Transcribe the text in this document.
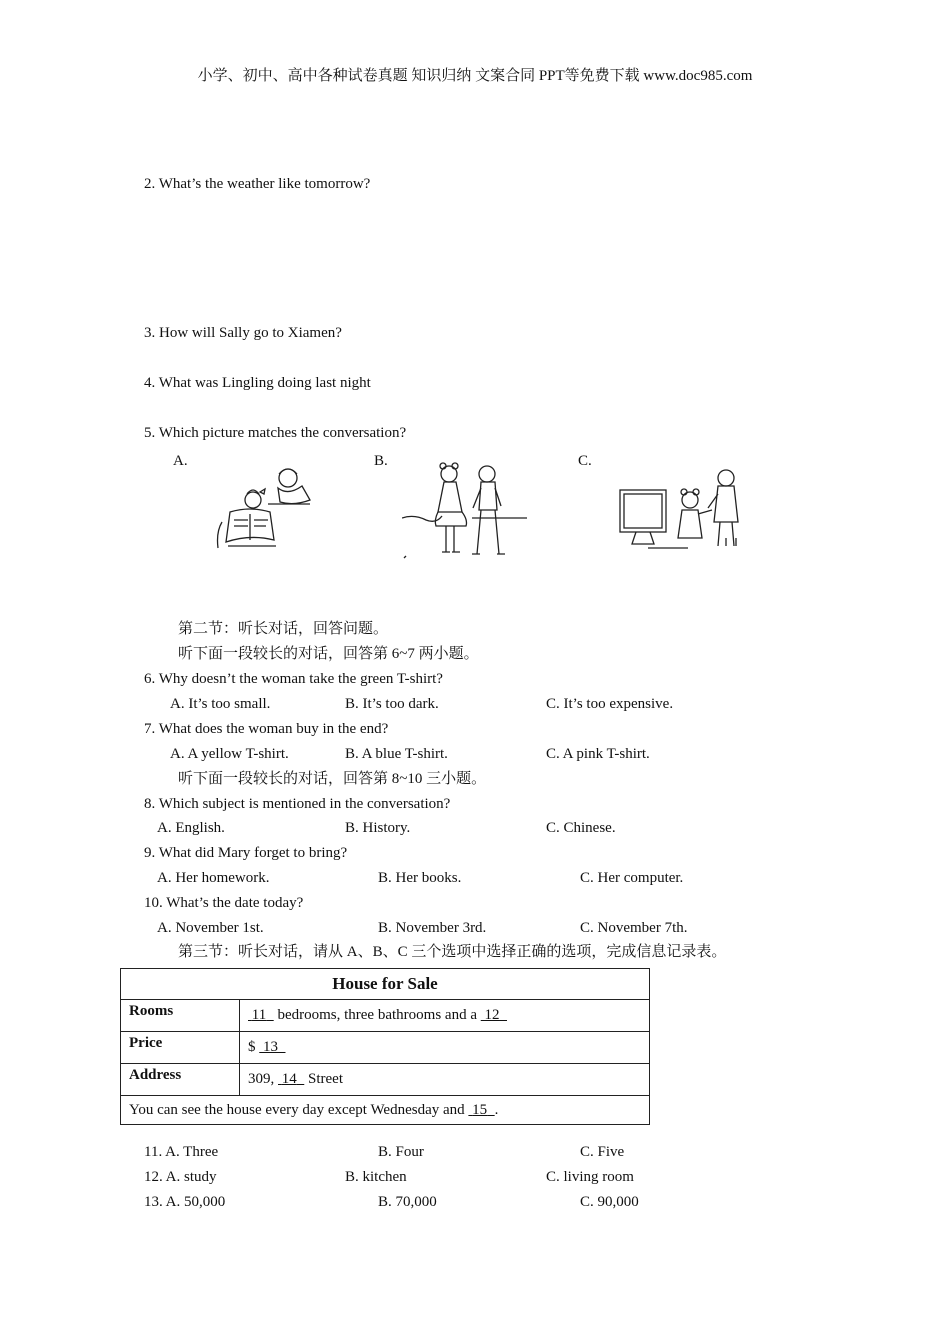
小学、初中、高中各种试卷真题 知识归纳 文案合同 PPT等免费下载 www.doc985.com
2. What’s the weather like tomorrow?
3. How will Sally go to Xiamen?
4. What was Lingling doing last night
5. Which picture matches the conversation?
A.	B.	C.
第二节：听长对话，回答问题。
听下面一段较长的对话，回答第 6~7 两小题。
6. Why doesn’t the woman take the green T-shirt?
A. It’s too small.	B. It’s too dark.	C. It’s too expensive.
7. What does the woman buy in the end?
A. A yellow T-shirt.	B. A blue T-shirt.	C. A pink T-shirt.
听下面一段较长的对话，回答第 8~10 三小题。
8. Which subject is mentioned in the conversation?
A. English.	B. History.	C. Chinese.
9. What did Mary forget to bring?
A. Her homework.	B. Her books.	C. Her computer.
10. What’s the date today?
A. November 1st.	B. November 3rd.	C. November 7th.
第三节：听长对话，请从 A、B、C 三个选项中选择正确的选项，完成信息记录表。
House for Sale	
Rooms	11   bedrooms, three bathrooms and a  12
Price	$  13
Address	309,  14   Street
You can see the house every day except Wednesday and  15 .	
11. A. Three	B. Four	C. Five
12. A. study	B. kitchen	C. living room
13. A. 50,000	B. 70,000	C. 90,000
